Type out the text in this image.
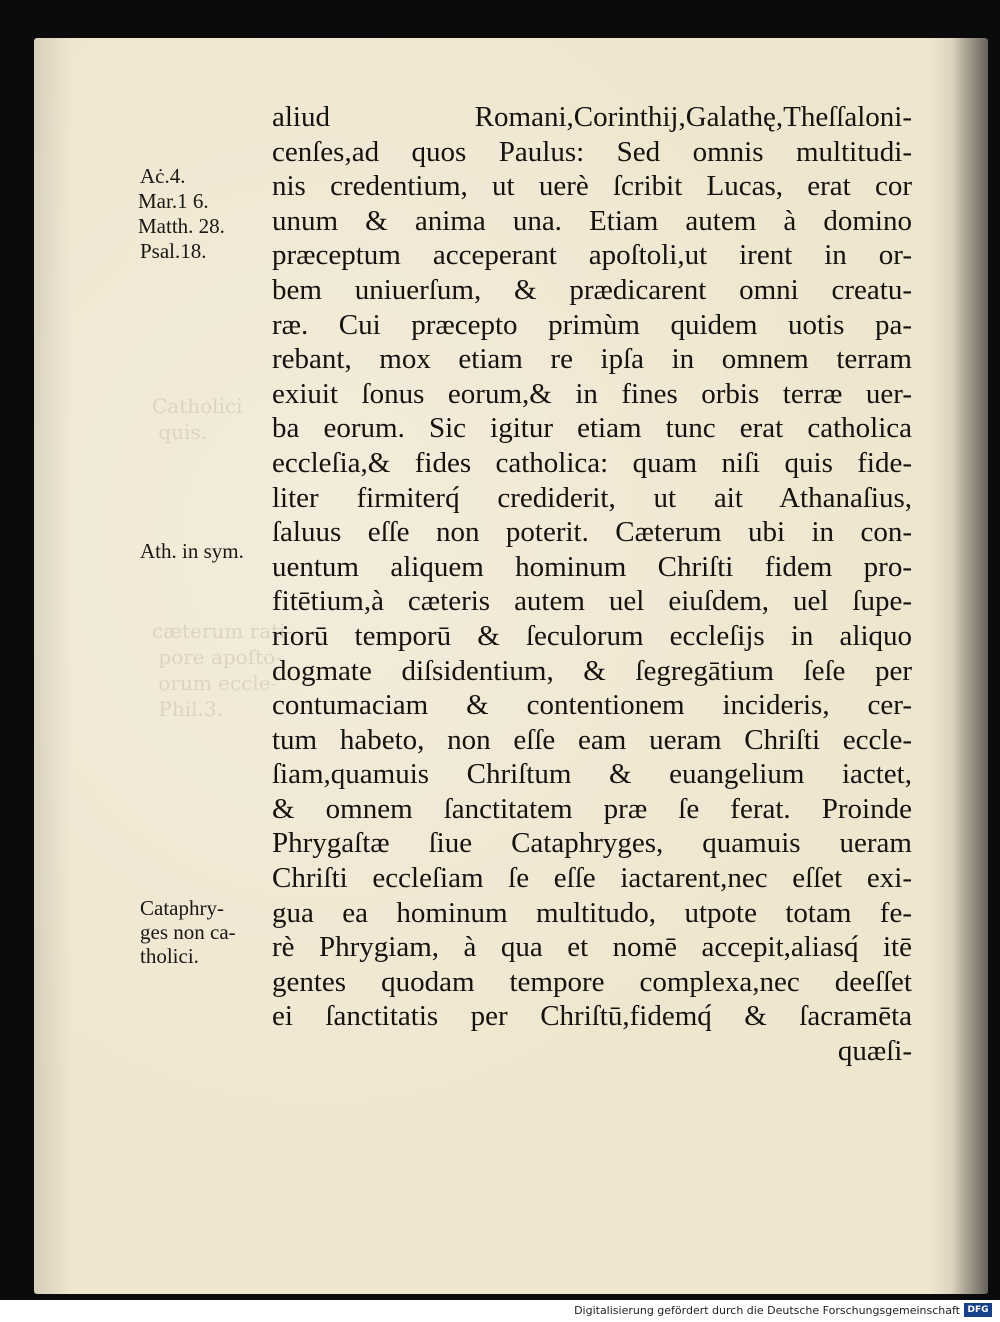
Catholici
quis.
cæterum rati-
pore apoſto-
orum eccle-
Phil.3.
Aċ.4.
Mar.1 6.
Matth. 28.
Psal.18.
Ath. in sym.
Cataphry-
ges non ca-
tholici.
aliud Romani,Corinthij,Galathę,Theſſaloni-
cenſes,ad quos Paulus: Sed omnis multitudi-
nis credentium, ut uerè ſcribit Lucas, erat cor
unum & anima una. Etiam autem à domino
præceptum acceperant apoſtoli,ut irent in or-
bem uniuerſum, & prædicarent omni creatu-
ræ. Cui præcepto primùm quidem uotis pa-
rebant, mox etiam re ipſa in omnem terram
exiuit ſonus eorum,& in fines orbis terræ uer-
ba eorum. Sic igitur etiam tunc erat catholica
eccleſia,& fides catholica: quam niſi quis fide-
liter firmiterq́ crediderit, ut ait Athanaſius,
ſaluus eſſe non poterit. Cæterum ubi in con-
uentum aliquem hominum Chriſti fidem pro-
fitētium,à cæteris autem uel eiuſdem, uel ſupe-
riorū temporū & ſeculorum eccleſijs in aliquo
dogmate diſsidentium, & ſegregātium ſeſe per
contumaciam & contentionem incideris, cer-
tum habeto, non eſſe eam ueram Chriſti eccle-
ſiam,quamuis Chriſtum & euangelium iactet,
& omnem ſanctitatem præ ſe ferat. Proinde
Phrygaſtæ ſiue Cataphryges, quamuis ueram
Chriſti eccleſiam ſe eſſe iactarent,nec eſſet exi-
gua ea hominum multitudo, utpote totam fe-
rè Phrygiam, à qua et nomē accepit,aliasq́ itē
gentes quodam tempore complexa,nec deeſſet
ei ſanctitatis per Chriſtū,fidemq́ & ſacramēta
quæſi-
Digitalisierung gefördert durch die Deutsche Forschungsgemeinschaft DFG
